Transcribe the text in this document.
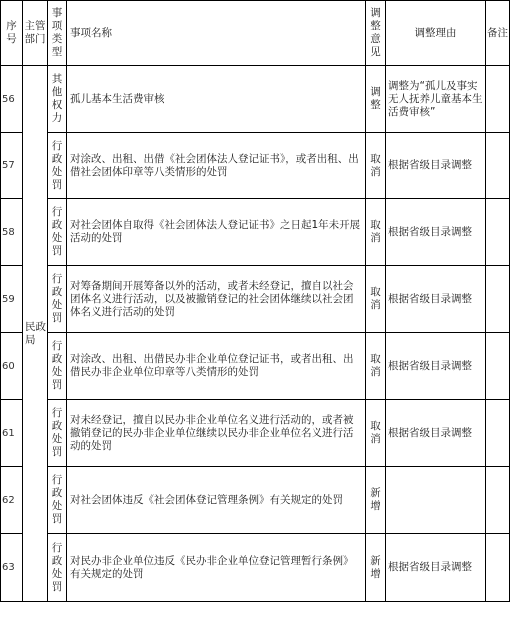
序号	主管部门	事项类型	事项名称	调整意见	调整理由	备注
56	民政局	其他权力	孤儿基本生活费审核	调整	调整为“孤儿及事实无人抚养儿童基本生活费审核”	
57		行政处罚	对涂改、出租、出借《社会团体法人登记证书》，或者出租、出借社会团体印章等八类情形的处罚	取消	根据省级目录调整	
58		行政处罚	对社会团体自取得《社会团体法人登记证书》之日起1年未开展活动的处罚	取消	根据省级目录调整	
59		行政处罚	对筹备期间开展筹备以外的活动，或者未经登记，擅自以社会团体名义进行活动，以及被撤销登记的社会团体继续以社会团体名义进行活动的处罚	取消	根据省级目录调整	
60		行政处罚	对涂改、出租、出借民办非企业单位登记证书，或者出租、出借民办非企业单位印章等八类情形的处罚	取消	根据省级目录调整	
61		行政处罚	对未经登记，擅自以民办非企业单位名义进行活动的，或者被撤销登记的民办非企业单位继续以民办非企业单位名义进行活动的处罚	取消	根据省级目录调整	
62		行政处罚	对社会团体违反《社会团体登记管理条例》有关规定的处罚	新增		
63		行政处罚	对民办非企业单位违反《民办非企业单位登记管理暂行条例》有关规定的处罚	新增	根据省级目录调整	
